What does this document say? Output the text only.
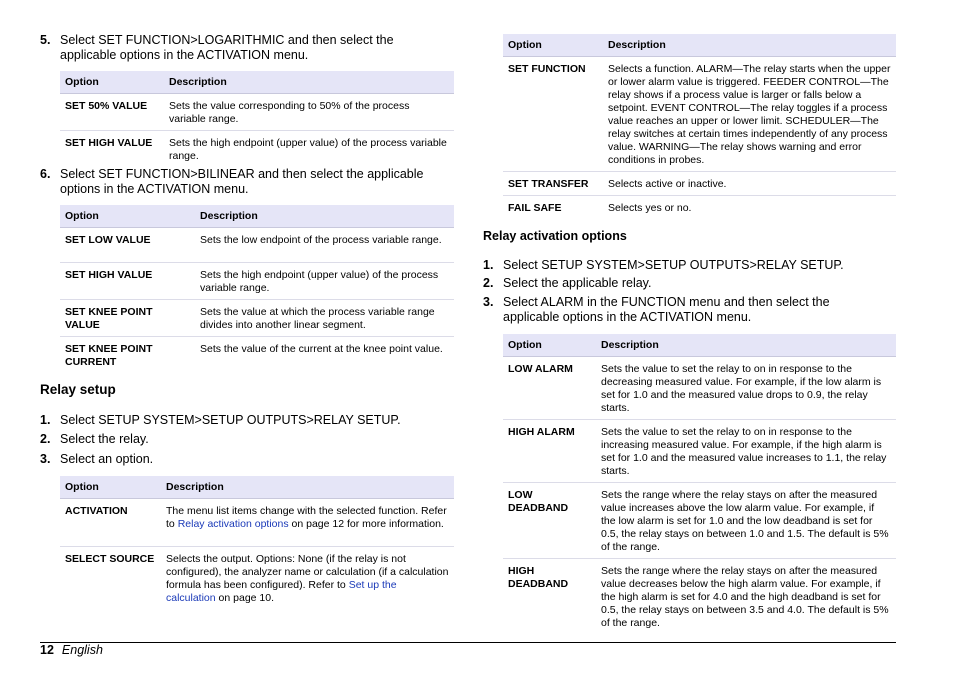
5. Select SET FUNCTION>LOGARITHMIC and then select the
applicable options in the ACTIVATION menu.
Option	Description
SET 50% VALUE	Sets the value corresponding to 50% of the process variable range.
SET HIGH VALUE	Sets the high endpoint (upper value) of the process variable range.
6. Select SET FUNCTION>BILINEAR and then select the applicable
options in the ACTIVATION menu.
Option	Description
SET LOW VALUE	Sets the low endpoint of the process variable range.
SET HIGH VALUE	Sets the high endpoint (upper value) of the process variable range.
SET KNEE POINT VALUE	Sets the value at which the process variable range divides into another linear segment.
SET KNEE POINT CURRENT	Sets the value of the current at the knee point value.
Relay setup
1. Select SETUP SYSTEM>SETUP OUTPUTS>RELAY SETUP.
2. Select the relay.
3. Select an option.
Option	Description
ACTIVATION	The menu list items change with the selected function. Refer to Relay activation options on page 12 for more information.
SELECT SOURCE	Selects the output. Options: None (if the relay is not configured), the analyzer name or calculation (if a calculation formula has been configured). Refer to Set up the calculation on page 10.
Option	Description
SET FUNCTION	Selects a function. ALARM—The relay starts when the upper or lower alarm value is triggered. FEEDER CONTROL—The relay shows if a process value is larger or falls below a setpoint. EVENT CONTROL—The relay toggles if a process value reaches an upper or lower limit. SCHEDULER—The relay switches at certain times independently of any process value. WARNING—The relay shows warning and error conditions in probes.
SET TRANSFER	Selects active or inactive.
FAIL SAFE	Selects yes or no.
Relay activation options
1. Select SETUP SYSTEM>SETUP OUTPUTS>RELAY SETUP.
2. Select the applicable relay.
3. Select ALARM in the FUNCTION menu and then select the
applicable options in the ACTIVATION menu.
Option	Description
LOW ALARM	Sets the value to set the relay to on in response to the decreasing measured value. For example, if the low alarm is set for 1.0 and the measured value drops to 0.9, the relay starts.
HIGH ALARM	Sets the value to set the relay to on in response to the increasing measured value. For example, if the high alarm is set for 1.0 and the measured value increases to 1.1, the relay starts.
LOW DEADBAND	Sets the range where the relay stays on after the measured value increases above the low alarm value. For example, if the low alarm is set for 1.0 and the low deadband is set for 0.5, the relay stays on between 1.0 and 1.5. The default is 5% of the range.
HIGH DEADBAND	Sets the range where the relay stays on after the measured value decreases below the high alarm value. For example, if the high alarm is set for 4.0 and the high deadband is set for 0.5, the relay stays on between 3.5 and 4.0. The default is 5% of the range.
12 English
